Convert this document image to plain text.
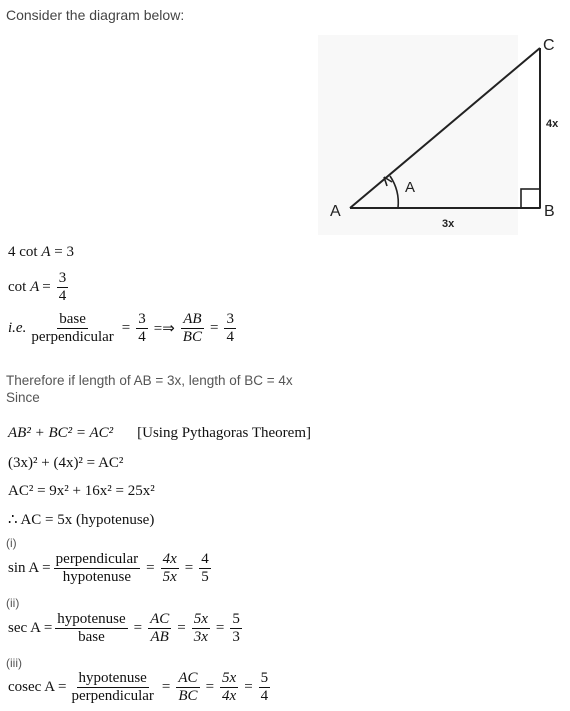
Consider the diagram below:
A	B
C
A
4x
3x
4 cot
A
= 3
cot
$A = \frac{3}{4}$
i.e. $\frac{\text{base}}{\text{perpendicular}} = \frac{3}{4}$ =⇒ $\frac{AB}{BC} = \frac{3}{4}$
Therefore if length of AB = 3x, length of BC = 4x
Since
AB² + BC² = AC² [Using Pythagoras Theorem]
(3x)² + (4x)² = AC²
AC² = 9x² + 16x² = 25x²
∴ AC = 5x (hypotenuse)
(i)
$\sin A = \frac{\text{perpendicular}}{\text{hypotenuse}} = \frac{4x}{5x} = \frac{4}{5}$
(ii)
$\sec A = \frac{\text{hypotenuse}}{\text{base}} = \frac{AC}{AB} = \frac{5x}{3x} = \frac{5}{3}$
(iii)
cosec $A = \frac{\text{hypotenuse}}{\text{perpendicular}} = \frac{AC}{BC} = \frac{5x}{4x} = \frac{5}{4}$
